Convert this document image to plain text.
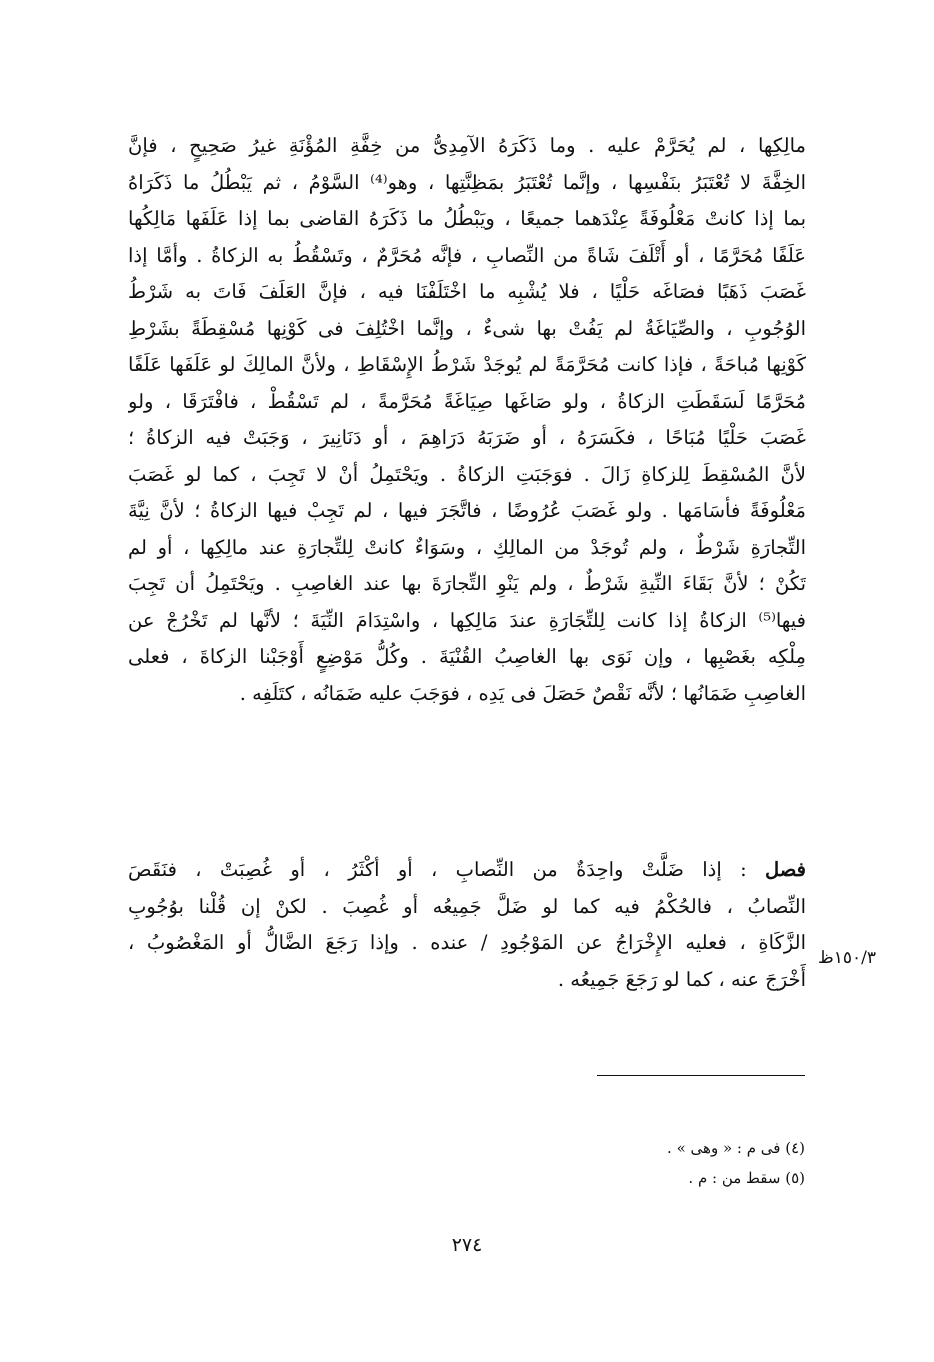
مالِكِها ، لم يُحَرَّمْ عليه . وما ذَكَرَهُ الآمِدِىُّ من خِفَّةِ المُؤْنَةِ غيرُ صَحِيحٍ ، فإنَّ
الخِفَّةَ لا تُعْتَبَرُ بنَفْسِها ، وإنَّما تُعْتَبَرُ بمَظِنَّتِها ، وهو⁽⁴⁾ السَّوْمُ ، ثم يَبْطُلُ ما ذَكَرَاهُ
بما إذا كانتْ مَعْلُوفَةً عِنْدَهما جميعًا ، ويَبْطُلُ ما ذَكَرَهُ القاضى بما إذا عَلَفَها مَالِكُها
عَلَفًا مُحَرَّمًا ، أو أَتْلَفَ شَاةً من النِّصابِ ، فإنَّه مُحَرَّمٌ ، وتَسْقُطُ به الزكاةُ . وأمَّا إذا
غَصَبَ ذَهَبًا فصَاغَه حَلْيًا ، فلا يُشْبِه ما اخْتَلَفْنَا فيه ، فإنَّ العَلَفَ فَاتَ به شَرْطُ
الوُجُوبِ ، والصِّيَاغَةُ لم يَفُتْ بها شىءٌ ، وإنَّما اخْتُلِفَ فى كَوْنِها مُسْقِطَةً بشَرْطِ
كَوْنِها مُباحَةً ، فإذا كانت مُحَرَّمَةً لم يُوجَدْ شَرْطُ الإِسْقَاطِ ، ولأنَّ المالِكَ لو عَلَفَها عَلَفًا
مُحَرَّمًا لَسَقَطَتِ الزكاةُ ، ولو صَاغَها صِيَاغَةً مُحَرَّمةً ، لم تَسْقُطْ ، فافْتَرَقَا ، ولو
غَصَبَ حَلْيًا مُبَاحًا ، فكَسَرَهُ ، أو ضَرَبَهُ دَرَاهِمَ ، أو دَنَانِيرَ ، وَجَبَتْ فيه الزكاةُ ؛
لأنَّ المُسْقِطَ لِلزكاةِ زَالَ . فوَجَبَتِ الزكاةُ . ويَحْتَمِلُ أنْ لا تَجِبَ ، كما لو غَصَبَ
مَعْلُوفَةً فأسَامَها . ولو غَصَبَ عُرُوضًا ، فاتَّجَرَ فيها ، لم تَجِبْ فيها الزكاةُ ؛ لأنَّ نِيَّةَ
التِّجارَةِ شَرْطٌ ، ولم تُوجَدْ من المالِكِ ، وسَوَاءٌ كانتْ لِلتِّجارَةِ عند مالِكِها ، أو لم
تَكُنْ ؛ لأنَّ بَقَاءَ النِّيةِ شَرْطٌ ، ولم يَنْوِ التِّجارَةَ بها عند الغاصِبِ . ويَحْتَمِلُ أن تَجِبَ
فيها⁽⁵⁾ الزكاةُ إذا كانت لِلتِّجَارَةِ عندَ مَالِكِها ، واسْتِدَامَ النِّيَةَ ؛ لأنَّها لم تَخْرُجْ عن
مِلْكِه بغَصْبِها ، وإن نَوَى بها الغاصِبُ القُنْيَةَ . وكُلُّ مَوْضِعٍ أَوْجَبْنا الزكاةَ ، فعلى
الغاصِبِ ضَمَانُها ؛ لأنَّه نَقْصٌ حَصَلَ فى يَدِه ، فوَجَبَ عليه ضَمَانُه ، كتَلَفِه .
فصل : إذا ضَلَّتْ واحِدَةٌ من النِّصابِ ، أو أكْثَرُ ، أو غُصِبَتْ ، فنَقَصَ
النِّصابُ ، فالحُكْمُ فيه كما لو ضَلَّ جَمِيعُه أو غُصِبَ . لكنْ إن قُلْنا بوُجُوبِ
الزَّكَاةِ ، فعليه الإِخْرَاجُ عن المَوْجُودِ / عنده . وإذا رَجَعَ الضَّالُّ أو المَغْصُوبُ ،
أَخْرَجَ عنه ، كما لو رَجَعَ جَمِيعُه .
١٥٠/٣ظ
(٤) فى م : « وهى » .
(٥) سقط من : م .
٢٧٤
